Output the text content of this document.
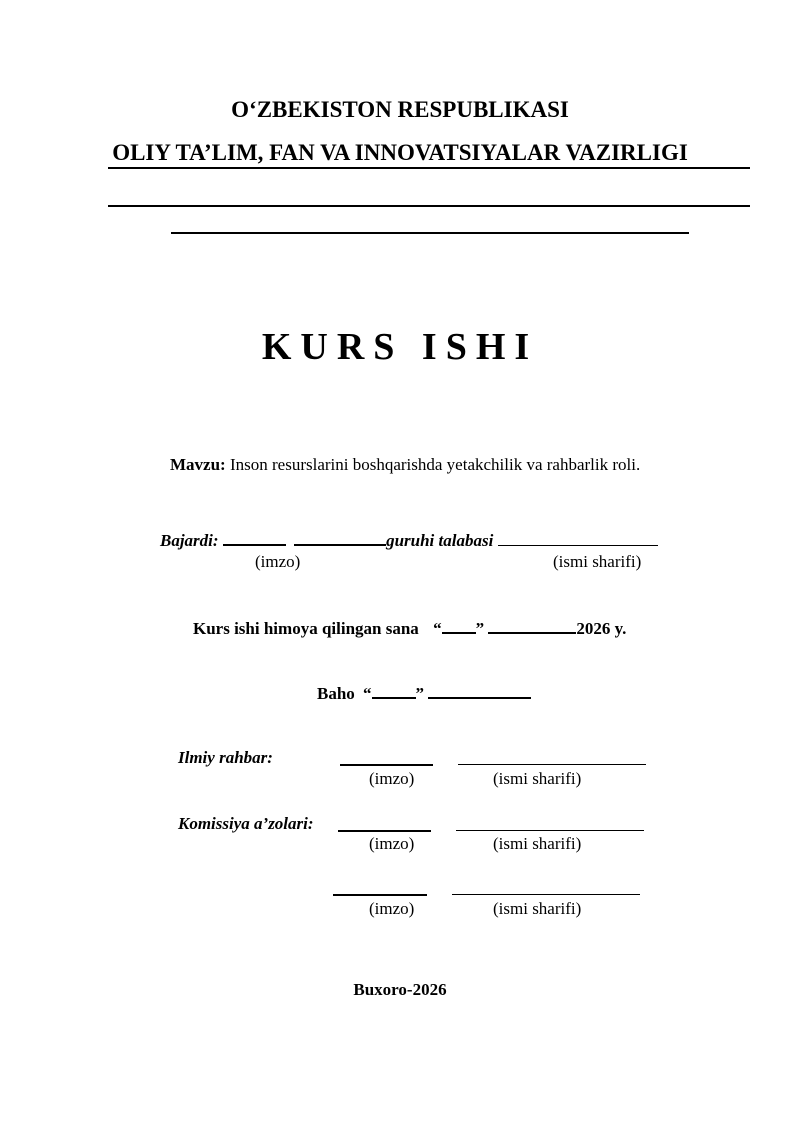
O‘ZBEKISTON RESPUBLIKASI
OLIY TA’LIM, FAN VA INNOVATSIYALAR VAZIRLIGI
KURS ISHI
Mavzu: Inson resurslarini boshqarishda yetakchilik va rahbarlik roli.
Bajardi:	guruhi talabasi
(imzo)	(ismi sharifi)
Kurs ishi himoya qilingan sana “ ”	2026 y.
Baho “	”
Ilmiy rahbar:
(imzo)	(ismi sharifi)
Komissiya a’zolari:
(imzo)	(ismi sharifi)
(imzo)	(ismi sharifi)
Buxoro-2026
